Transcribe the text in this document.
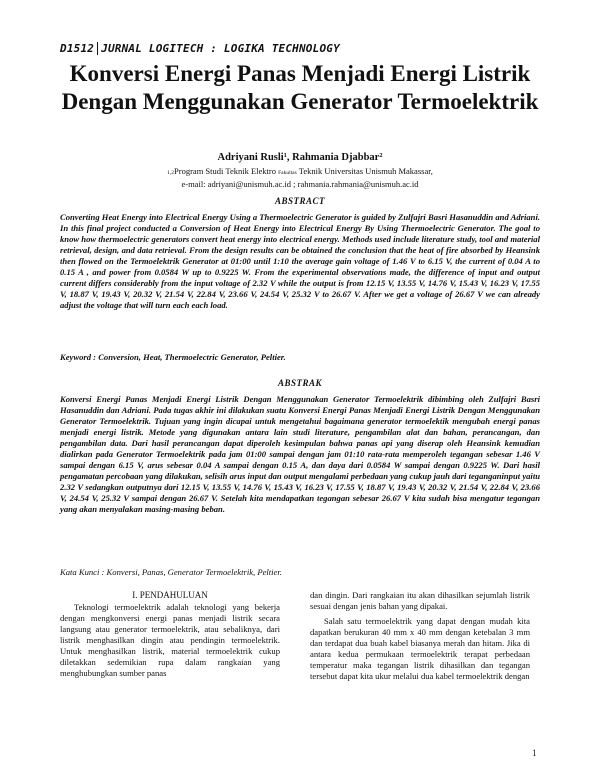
D1512 JURNAL LOGITECH : LOGIKA TECHNOLOGY
Konversi Energi Panas Menjadi Energi Listrik Dengan Menggunakan Generator Termoelektrik
Adriyani Rusli¹, Rahmania Djabbar²
1,2Program Studi Teknik Elektro Fakultas Teknik Universitas Unismuh Makassar,
e-mail: adriyani@unismuh.ac.id ; rahmania.rahmania@unismuh.ac.id
ABSTRACT
Converting Heat Energy into Electrical Energy Using a Thermoelectric Generator is guided by Zulfajri Basri Hasanuddin and Adriani. In this final project conducted a Conversion of Heat Energy into Electrical Energy By Using Thermoelectric Generator. The goal to know how thermoelectric generators convert heat energy into electrical energy. Methods used include literature study, tool and material retrieval, design, and data retrieval. From the design results can be obtained the conclusion that the heat of fire absorbed by Heansink then flowed on the Termoelektrik Generator at 01:00 until 1:10 the average gain voltage of 1.46 V to 6.15 V, the current of 0.04 A to 0.15 A , and power from 0.0584 W up to 0.9225 W. From the experimental observations made, the difference of input and output current differs considerably from the input voltage of 2.32 V while the output is from 12.15 V, 13.55 V, 14.76 V, 15.43 V, 16.23 V, 17.55 V, 18.87 V, 19.43 V, 20.32 V, 21.54 V, 22.84 V, 23.66 V, 24.54 V, 25.32 V to 26.67 V. After we get a voltage of 26.67 V we can already adjust the voltage that will turn each each load.
Keyword : Conversion, Heat, Thermoelectric Generator, Peltier.
ABSTRAK
Konversi Energi Panas Menjadi Energi Listrik Dengan Menggunakan Generator Termoelektrik dibimbing oleh Zulfajri Basri Hasanuddin dan Adriani. Pada tugas akhir ini dilakukan suatu Konversi Energi Panas Menjadi Energi Listrik Dengan Menggunakan Generator Termoelektrik. Tujuan yang ingin dicapai untuk mengetahui bagaimana generator termoelektik mengubah energi panas menjadi energi listrik. Metode yang digunakan antara lain studi literature, pengambilan alat dan bahan, perancangan, dan pengambilan data. Dari hasil perancangan dapat diperoleh kesimpulan bahwa panas api yang diserap oleh Heansink kemudian dialirkan pada Generator Termoelektrik pada jam 01:00 sampai dengan jam 01:10 rata-rata memperoleh tegangan sebesar 1.46 V sampai dengan 6.15 V, arus sebesar 0.04 A sampai dengan 0.15 A, dan daya dari 0.0584 W sampai dengan 0.9225 W. Dari hasil pengamatan percobaan yang dilakukan, selisih arus input dan output mengalami perbedaan yang cukup jauh dari teganganinput yaitu 2.32 V sedangkan outputnya dari 12.15 V, 13.55 V, 14.76 V, 15.43 V, 16.23 V, 17.55 V, 18.87 V, 19.43 V, 20.32 V, 21.54 V, 22.84 V, 23.66 V, 24.54 V, 25.32 V sampai dengan 26.67 V. Setelah kita mendapatkan tegangan sebesar 26.67 V kita sudah bisa mengatur tegangan yang akan menyalakan masing-masing beban.
Kata Kunci : Konversi, Panas, Generator Termoelektrik, Peltier.
I. PENDAHULUAN

Teknologi termoelektrik adalah teknologi yang bekerja dengan mengkonversi energi panas menjadi listrik secara langsung atau generator termoelektrik, atau sebaliknya, dari listrik menghasilkan dingin atau pendingin termoelektrik. Untuk menghasilkan listrik, material termoelektrik cukup diletakkan sedemikian rupa dalam rangkaian yang menghubungkan sumber panas

dan dingin. Dari rangkaian itu akan dihasilkan sejumlah listrik sesuai dengan jenis bahan yang dipakai.

Salah satu termoelektrik yang dapat dengan mudah kita dapatkan berukuran 40 mm x 40 mm dengan ketebalan 3 mm dan terdapat dua buah kabel biasanya merah dan hitam. Jika di antara kedua permukaan termoelektrik terapat perbedaan temperatur maka tegangan listrik dihasilkan dan tegangan tersebut dapat kita ukur melalui dua kabel termoelektrik dengan

1
